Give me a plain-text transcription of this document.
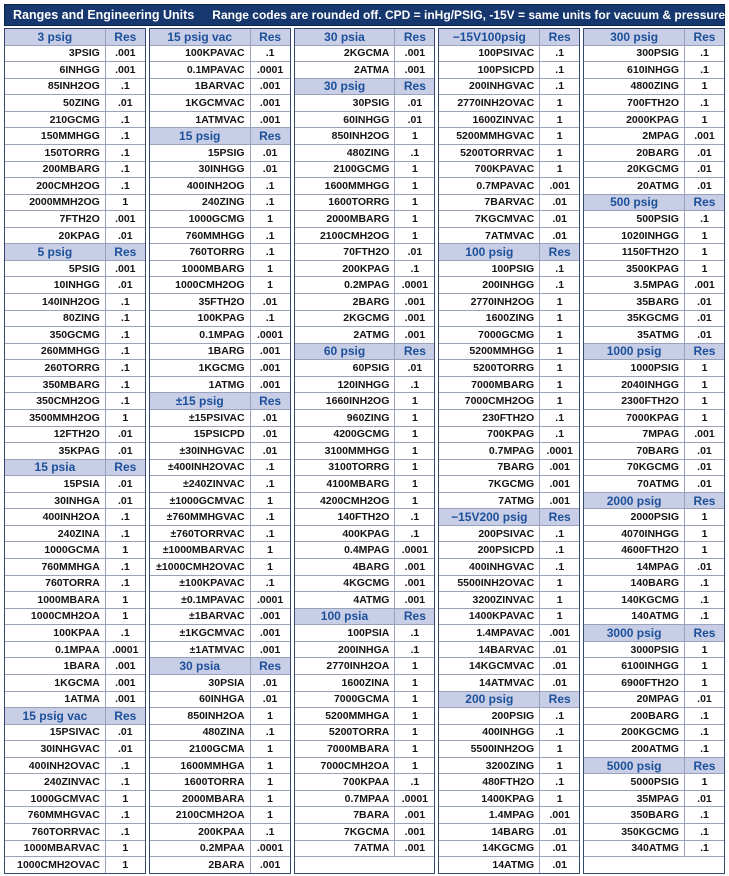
Ranges and Engineering Units Range codes are rounded off. CPD = inHg/PSIG, -15V = same units for vacuum & pressure
3 psig	Res
3PSIG	.001
6INHGG	.001
85INH2OG	.1
50ZING	.01
210GCMG	.1
150MMHGG	.1
150TORRG	.1
200MBARG	.1
200CMH2OG	.1
2000MMH2OG	1
7FTH2O	.001
20KPAG	.01
5 psig	Res
5PSIG	.001
10INHGG	.01
140INH2OG	.1
80ZING	.1
350GCMG	.1
260MMHGG	.1
260TORRG	.1
350MBARG	.1
350CMH2OG	.1
3500MMH2OG	1
12FTH2O	.01
35KPAG	.01
15 psia	Res
15PSIA	.01
30INHGA	.01
400INH2OA	.1
240ZINA	.1
1000GCMA	1
760MMHGA	.1
760TORRA	.1
1000MBARA	1
1000CMH2OA	1
100KPAA	.1
0.1MPAA	.0001
1BARA	.001
1KGCMA	.001
1ATMA	.001
15 psig vac	Res
15PSIVAC	.01
30INHGVAC	.01
400INH2OVAC	.1
240ZINVAC	.1
1000GCMVAC	1
760MMHGVAC	.1
760TORRVAC	.1
1000MBARVAC	1
1000CMH2OVAC	1
15 psig vac	Res
100KPAVAC	.1
0.1MPAVAC	.0001
1BARVAC	.001
1KGCMVAC	.001
1ATMVAC	.001
15 psig	Res
15PSIG	.01
30INHGG	.01
400INH2OG	.1
240ZING	.1
1000GCMG	1
760MMHGG	.1
760TORRG	.1
1000MBARG	1
1000CMH2OG	1
35FTH2O	.01
100KPAG	.1
0.1MPAG	.0001
1BARG	.001
1KGCMG	.001
1ATMG	.001
±15 psig	Res
±15PSIVAC	.01
15PSICPD	.01
±30INHGVAC	.01
±400INH2OVAC	.1
±240ZINVAC	.1
±1000GCMVAC	1
±760MMHGVAC	.1
±760TORRVAC	.1
±1000MBARVAC	1
±1000CMH2OVAC	1
±100KPAVAC	.1
±0.1MPAVAC	.0001
±1BARVAC	.001
±1KGCMVAC	.001
±1ATMVAC	.001
30 psia	Res
30PSIA	.01
60INHGA	.01
850INH2OA	1
480ZINA	.1
2100GCMA	1
1600MMHGA	1
1600TORRA	1
2000MBARA	1
2100CMH2OA	1
200KPAA	.1
0.2MPAA	.0001
2BARA	.001
30 psia	Res
2KGCMA	.001
2ATMA	.001
30 psig	Res
30PSIG	.01
60INHGG	.01
850INH2OG	1
480ZING	.1
2100GCMG	1
1600MMHGG	1
1600TORRG	1
2000MBARG	1
2100CMH2OG	1
70FTH2O	.01
200KPAG	.1
0.2MPAG	.0001
2BARG	.001
2KGCMG	.001
2ATMG	.001
60 psig	Res
60PSIG	.01
120INHGG	.1
1660INH2OG	1
960ZING	1
4200GCMG	1
3100MMHGG	1
3100TORRG	1
4100MBARG	1
4200CMH2OG	1
140FTH2O	.1
400KPAG	.1
0.4MPAG	.0001
4BARG	.001
4KGCMG	.001
4ATMG	.001
100 psia	Res
100PSIA	.1
200INHGA	.1
2770INH2OA	1
1600ZINA	1
7000GCMA	1
5200MMHGA	1
5200TORRA	1
7000MBARA	1
7000CMH2OA	1
700KPAA	.1
0.7MPAA	.0001
7BARA	.001
7KGCMA	.001
7ATMA	.001
−15V100psig	Res
100PSIVAC	.1
100PSICPD	.1
200INHGVAC	.1
2770INH2OVAC	1
1600ZINVAC	1
5200MMHGVAC	1
5200TORRVAC	1
700KPAVAC	1
0.7MPAVAC	.001
7BARVAC	.01
7KGCMVAC	.01
7ATMVAC	.01
100 psig	Res
100PSIG	.1
200INHGG	.1
2770INH2OG	1
1600ZING	1
7000GCMG	1
5200MMHGG	1
5200TORRG	1
7000MBARG	1
7000CMH2OG	1
230FTH2O	.1
700KPAG	.1
0.7MPAG	.0001
7BARG	.001
7KGCMG	.001
7ATMG	.001
−15V200 psig	Res
200PSIVAC	.1
200PSICPD	.1
400INHGVAC	.1
5500INH2OVAC	1
3200ZINVAC	1
1400KPAVAC	1
1.4MPAVAC	.001
14BARVAC	.01
14KGCMVAC	.01
14ATMVAC	.01
200 psig	Res
200PSIG	.1
400INHGG	.1
5500INH2OG	1
3200ZING	1
480FTH2O	.1
1400KPAG	1
1.4MPAG	.001
14BARG	.01
14KGCMG	.01
14ATMG	.01
300 psig	Res
300PSIG	.1
610INHGG	.1
4800ZING	1
700FTH2O	.1
2000KPAG	1
2MPAG	.001
20BARG	.01
20KGCMG	.01
20ATMG	.01
500 psig	Res
500PSIG	.1
1020INHGG	1
1150FTH2O	1
3500KPAG	1
3.5MPAG	.001
35BARG	.01
35KGCMG	.01
35ATMG	.01
1000 psig	Res
1000PSIG	1
2040INHGG	1
2300FTH2O	1
7000KPAG	1
7MPAG	.001
70BARG	.01
70KGCMG	.01
70ATMG	.01
2000 psig	Res
2000PSIG	1
4070INHGG	1
4600FTH2O	1
14MPAG	.01
140BARG	.1
140KGCMG	.1
140ATMG	.1
3000 psig	Res
3000PSIG	1
6100INHGG	1
6900FTH2O	1
20MPAG	.01
200BARG	.1
200KGCMG	.1
200ATMG	.1
5000 psig	Res
5000PSIG	1
35MPAG	.01
350BARG	.1
350KGCMG	.1
340ATMG	.1
